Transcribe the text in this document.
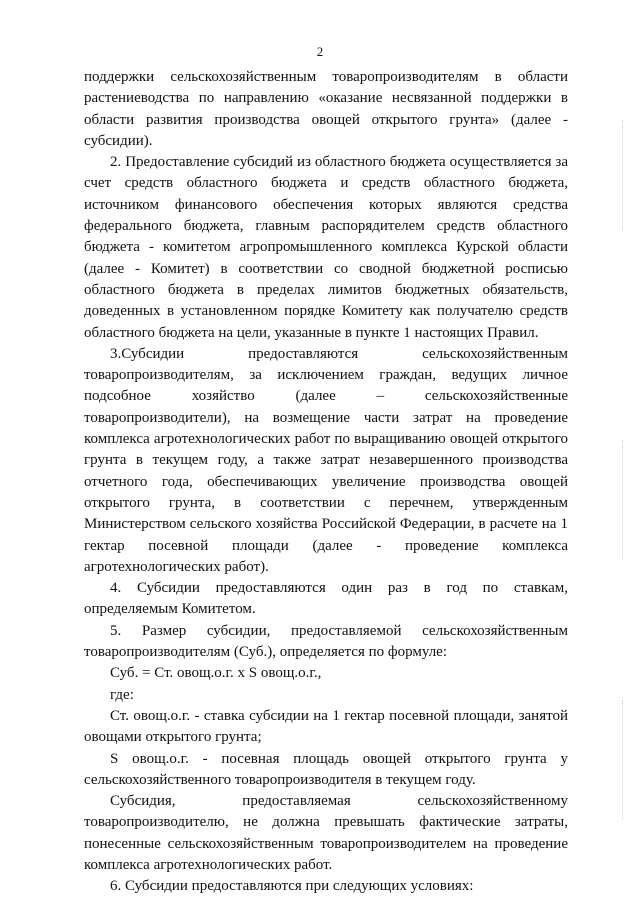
2

поддержки сельскохозяйственным товаропроизводителям в области растениеводства по направлению «оказание несвязанной поддержки в области развития производства овощей открытого грунта» (далее - субсидии).

2. Предоставление субсидий из областного бюджета осуществляется за счет средств областного бюджета и средств областного бюджета, источником финансового обеспечения которых являются средства федерального бюджета, главным распорядителем средств областного бюджета - комитетом агропромышленного комплекса Курской области (далее - Комитет) в соответствии со сводной бюджетной росписью областного бюджета в пределах лимитов бюджетных обязательств, доведенных в установленном порядке Комитету как получателю средств областного бюджета на цели, указанные в пункте 1 настоящих Правил.

3.Субсидии предоставляются сельскохозяйственным товаропроизводителям, за исключением граждан, ведущих личное подсобное хозяйство (далее – сельскохозяйственные товаропроизводители), на возмещение части затрат на проведение комплекса агротехнологических работ по выращиванию овощей открытого грунта в текущем году, а также затрат незавершенного производства отчетного года, обеспечивающих увеличение производства овощей открытого грунта, в соответствии с перечнем, утвержденным Министерством сельского хозяйства Российской Федерации, в расчете на 1 гектар посевной площади (далее - проведение комплекса агротехнологических работ).

4. Субсидии предоставляются один раз в год по ставкам, определяемым Комитетом.

5. Размер субсидии, предоставляемой сельскохозяйственным товаропроизводителям (Суб.), определяется по формуле:

Суб. = Ст. овощ.о.г. х S овощ.о.г.,

где:

Ст. овощ.о.г. - ставка субсидии на 1 гектар посевной площади, занятой овощами открытого грунта;

S овощ.о.г. - посевная площадь овощей открытого грунта у сельскохозяйственного товаропроизводителя в текущем году.

Субсидия, предоставляемая сельскохозяйственному товаропроизводителю, не должна превышать фактические затраты, понесенные сельскохозяйственным товаропроизводителем на проведение комплекса агротехнологических работ.

6. Субсидии предоставляются при следующих условиях:
